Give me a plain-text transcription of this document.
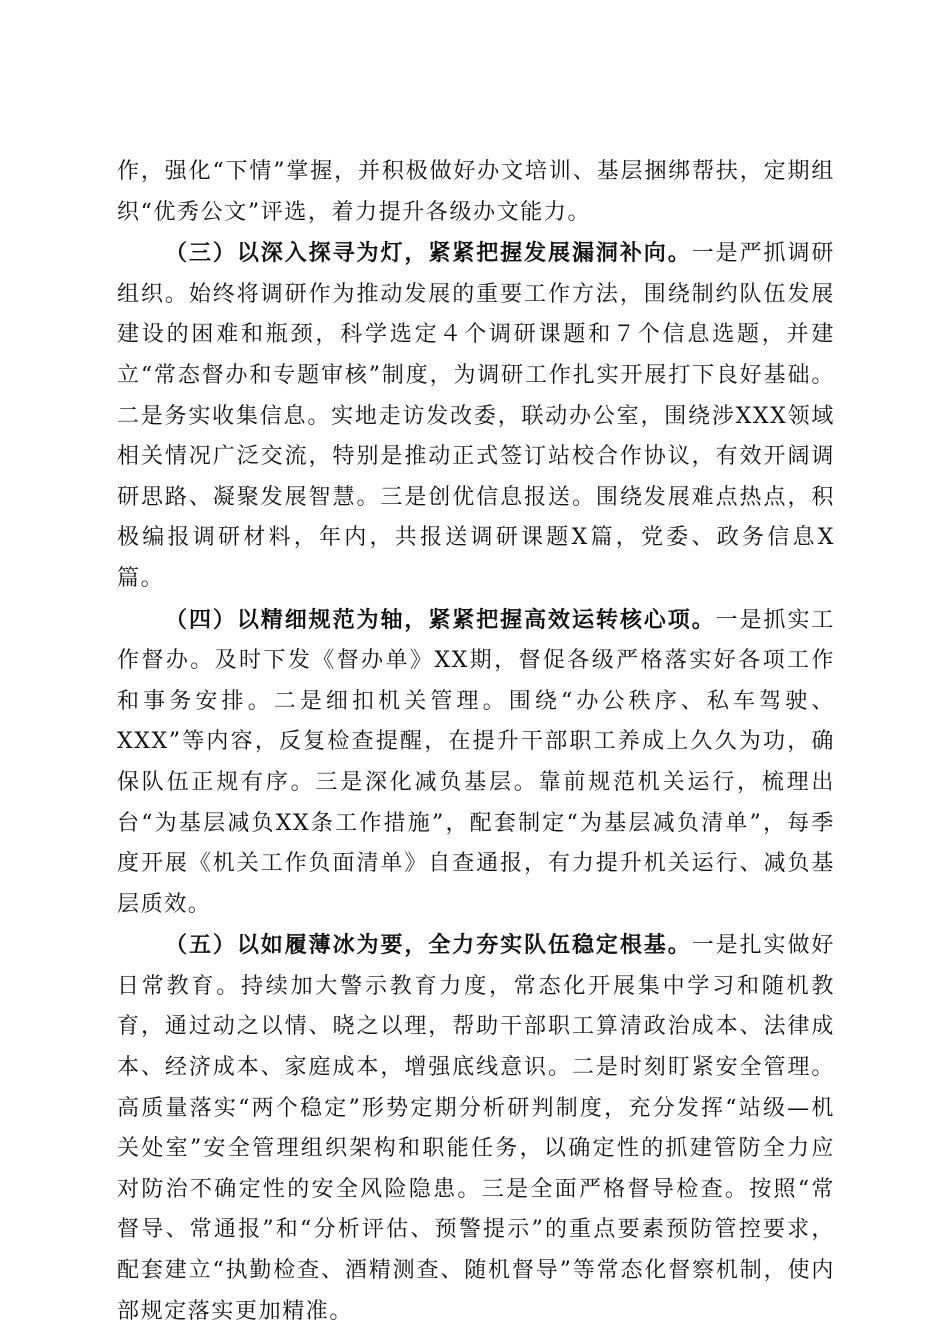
作，强化“下情”掌握，并积极做好办文培训、基层捆绑帮扶，定期组织“优秀公文”评选，着力提升各级办文能力。

（三）以深入探寻为灯，紧紧把握发展漏洞补向。一是严抓调研组织。始终将调研作为推动发展的重要工作方法，围绕制约队伍发展建设的困难和瓶颈，科学选定４个调研课题和７个信息选题，并建立“常态督办和专题审核”制度，为调研工作扎实开展打下良好基础。二是务实收集信息。实地走访发改委，联动办公室，围绕涉XXX领域相关情况广泛交流，特别是推动正式签订站校合作协议，有效开阔调研思路、凝聚发展智慧。三是创优信息报送。围绕发展难点热点，积极编报调研材料，年内，共报送调研课题X篇，党委、政务信息X篇。

（四）以精细规范为轴，紧紧把握高效运转核心项。一是抓实工作督办。及时下发《督办单》XX期，督促各级严格落实好各项工作和事务安排。二是细扣机关管理。围绕“办公秩序、私车驾驶、XXX”等内容，反复检查提醒，在提升干部职工养成上久久为功，确保队伍正规有序。三是深化减负基层。靠前规范机关运行，梳理出台“为基层减负XX条工作措施”，配套制定“为基层减负清单”，每季度开展《机关工作负面清单》自查通报，有力提升机关运行、减负基层质效。

（五）以如履薄冰为要，全力夯实队伍稳定根基。一是扎实做好日常教育。持续加大警示教育力度，常态化开展集中学习和随机教育，通过动之以情、晓之以理，帮助干部职工算清政治成本、法律成本、经济成本、家庭成本，增强底线意识。二是时刻盯紧安全管理。高质量落实“两个稳定”形势定期分析研判制度，充分发挥“站级—机关处室”安全管理组织架构和职能任务，以确定性的抓建管防全力应对防治不确定性的安全风险隐患。三是全面严格督导检查。按照“常督导、常通报”和“分析评估、预警提示”的重点要素预防管控要求，配套建立“执勤检查、酒精测查、随机督导”等常态化督察机制，使内部规定落实更加精准。
